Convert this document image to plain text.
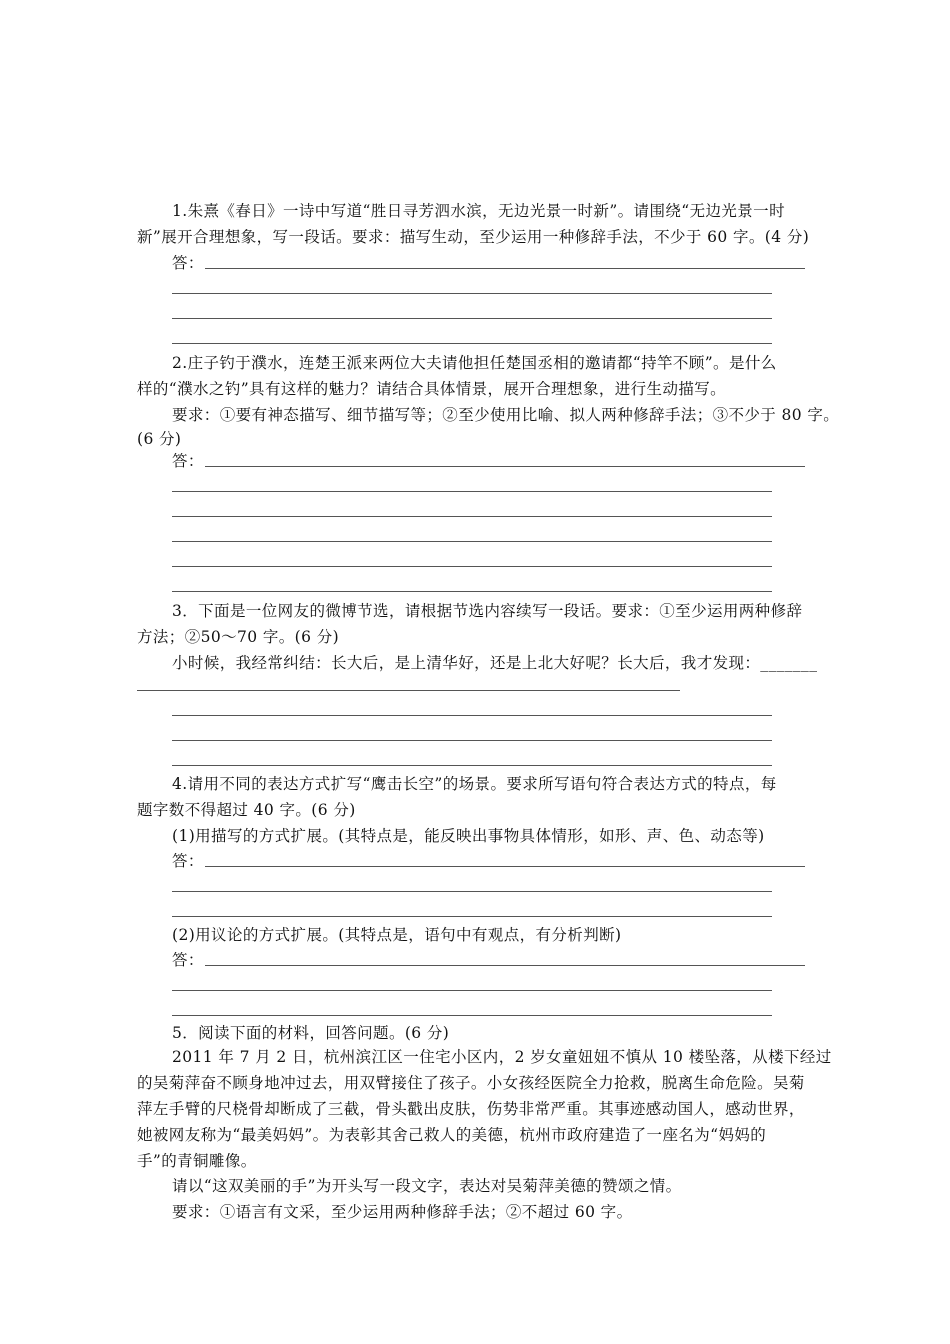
1.朱熹《春日》一诗中写道“胜日寻芳泗水滨，无边光景一时新”。请围绕“无边光景一时
新”展开合理想象，写一段话。要求：描写生动，至少运用一种修辞手法，不少于 60 字。(4 分)
答：
2.庄子钓于濮水，连楚王派来两位大夫请他担任楚国丞相的邀请都“持竿不顾”。是什么
样的“濮水之钓”具有这样的魅力？请结合具体情景，展开合理想象，进行生动描写。
要求：①要有神态描写、细节描写等；②至少使用比喻、拟人两种修辞手法；③不少于 80 字。
(6 分)
答：
3．下面是一位网友的微博节选，请根据节选内容续写一段话。要求：①至少运用两种修辞
方法；②50～70 字。(6 分)
小时候，我经常纠结：长大后，是上清华好，还是上北大好呢？长大后，我才发现：_______
4.请用不同的表达方式扩写“鹰击长空”的场景。要求所写语句符合表达方式的特点，每
题字数不得超过 40 字。(6 分)
(1)用描写的方式扩展。(其特点是，能反映出事物具体情形，如形、声、色、动态等)
答：
(2)用议论的方式扩展。(其特点是，语句中有观点，有分析判断)
答：
5．阅读下面的材料，回答问题。(6 分)
2011 年 7 月 2 日，杭州滨江区一住宅小区内，2 岁女童妞妞不慎从 10 楼坠落，从楼下经过
的吴菊萍奋不顾身地冲过去，用双臂接住了孩子。小女孩经医院全力抢救，脱离生命危险。吴菊
萍左手臂的尺桡骨却断成了三截，骨头戳出皮肤，伤势非常严重。其事迹感动国人，感动世界，
她被网友称为“最美妈妈”。为表彰其舍己救人的美德，杭州市政府建造了一座名为“妈妈的
手”的青铜雕像。
请以“这双美丽的手”为开头写一段文字，表达对吴菊萍美德的赞颂之情。
要求：①语言有文采，至少运用两种修辞手法；②不超过 60 字。
